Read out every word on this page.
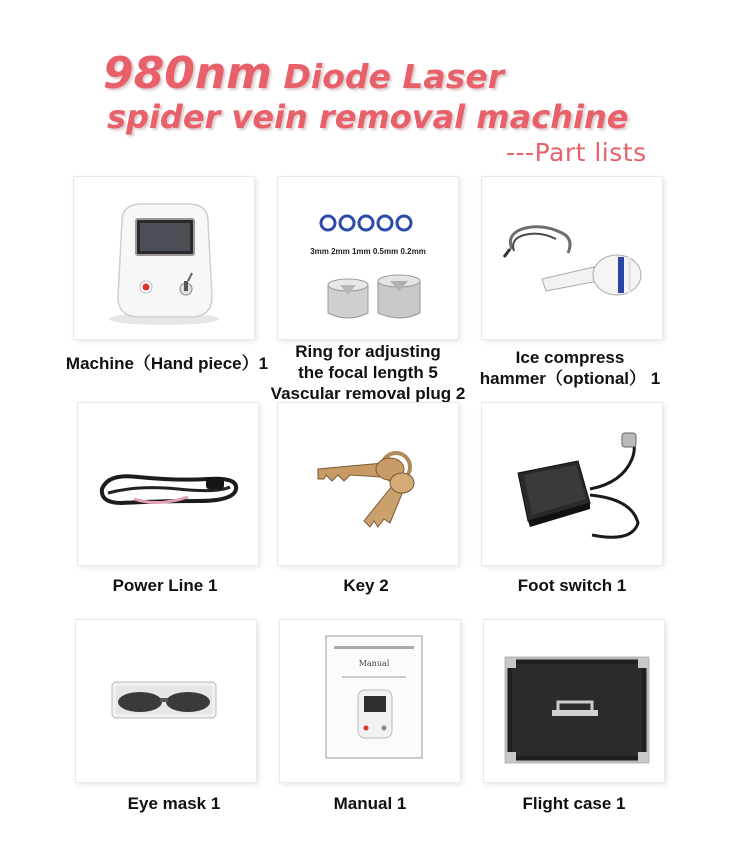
980nm Diode Laser
spider vein removal machine
---Part lists
Machine（Hand piece）1
3mm 2mm 1mm 0.5mm 0.2mm
Ring for adjusting
the focal length 5
Vascular removal plug 2
Ice compress
hammer（optional） 1
Power Line 1	Key 2	Foot switch 1
Eye mask 1
Manual
Manual 1	Flight case 1
